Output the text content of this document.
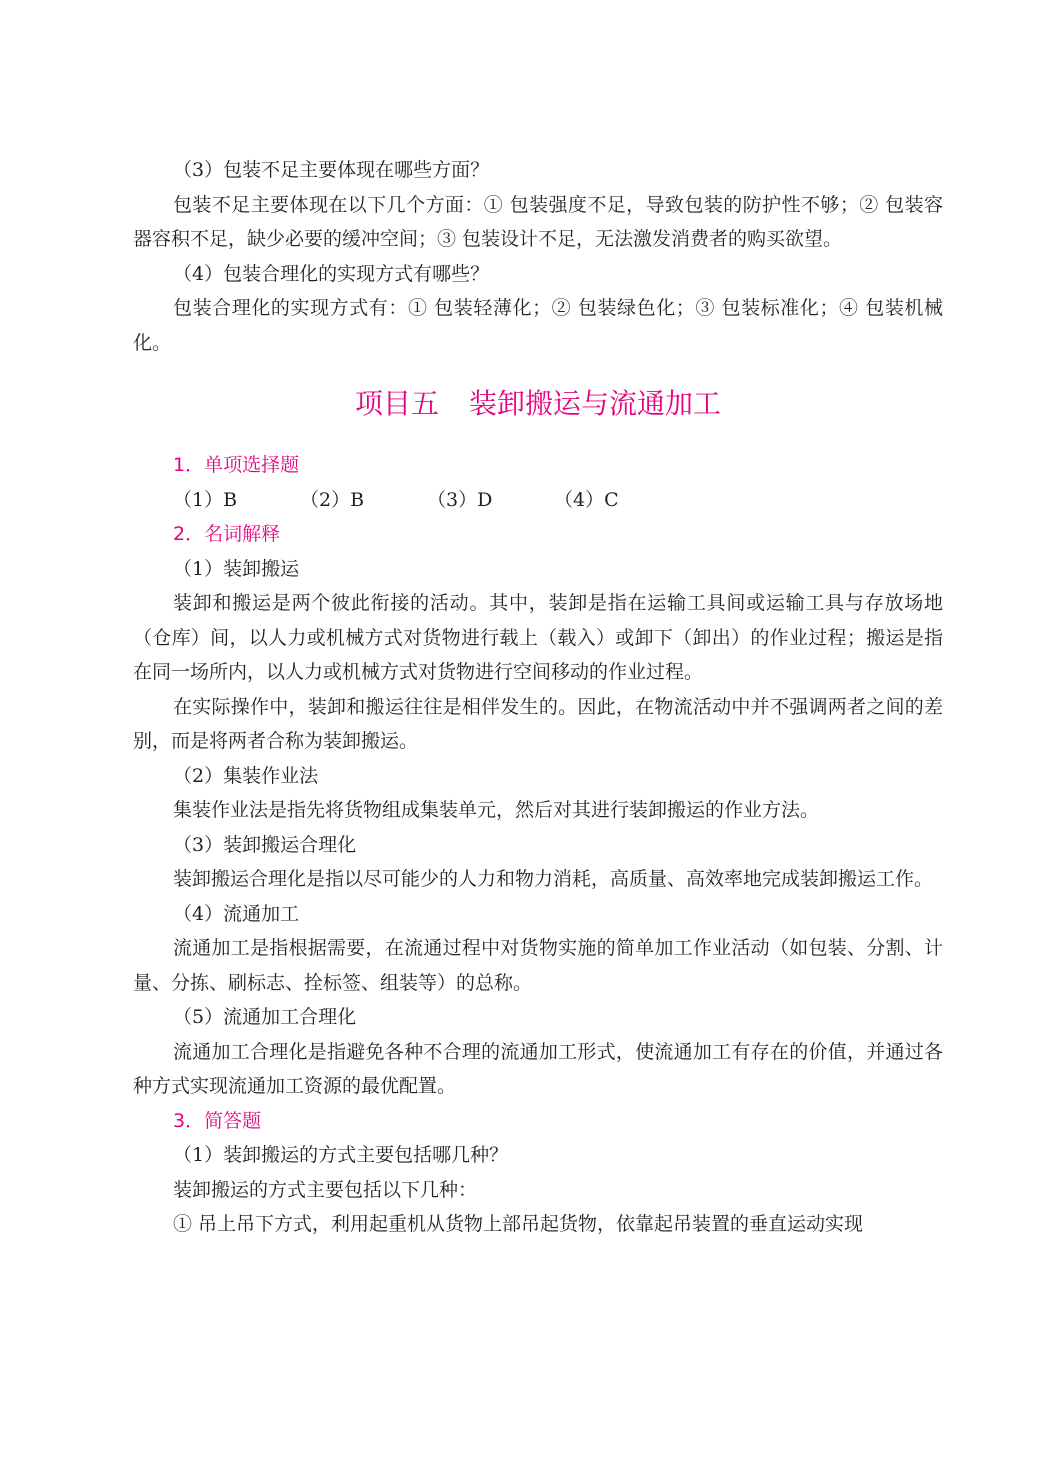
（3）包装不足主要体现在哪些方面？
包装不足主要体现在以下几个方面：① 包装强度不足，导致包装的防护性不够；② 包装容器容积不足，缺少必要的缓冲空间；③ 包装设计不足，无法激发消费者的购买欲望。
（4）包装合理化的实现方式有哪些？
包装合理化的实现方式有：① 包装轻薄化；② 包装绿色化；③ 包装标准化；④ 包装机械化。
项目五 装卸搬运与流通加工
1．单项选择题
（1）B	（2）B	（3）D	（4）C
2．名词解释
（1）装卸搬运
装卸和搬运是两个彼此衔接的活动。其中，装卸是指在运输工具间或运输工具与存放场地（仓库）间，以人力或机械方式对货物进行载上（载入）或卸下（卸出）的作业过程；搬运是指在同一场所内，以人力或机械方式对货物进行空间移动的作业过程。
在实际操作中，装卸和搬运往往是相伴发生的。因此，在物流活动中并不强调两者之间的差别，而是将两者合称为装卸搬运。
（2）集装作业法
集装作业法是指先将货物组成集装单元，然后对其进行装卸搬运的作业方法。
（3）装卸搬运合理化
装卸搬运合理化是指以尽可能少的人力和物力消耗，高质量、高效率地完成装卸搬运工作。
（4）流通加工
流通加工是指根据需要，在流通过程中对货物实施的简单加工作业活动（如包装、分割、计量、分拣、刷标志、拴标签、组装等）的总称。
（5）流通加工合理化
流通加工合理化是指避免各种不合理的流通加工形式，使流通加工有存在的价值，并通过各种方式实现流通加工资源的最优配置。
3．简答题
（1）装卸搬运的方式主要包括哪几种？
装卸搬运的方式主要包括以下几种：
① 吊上吊下方式，利用起重机从货物上部吊起货物，依靠起吊装置的垂直运动实现
